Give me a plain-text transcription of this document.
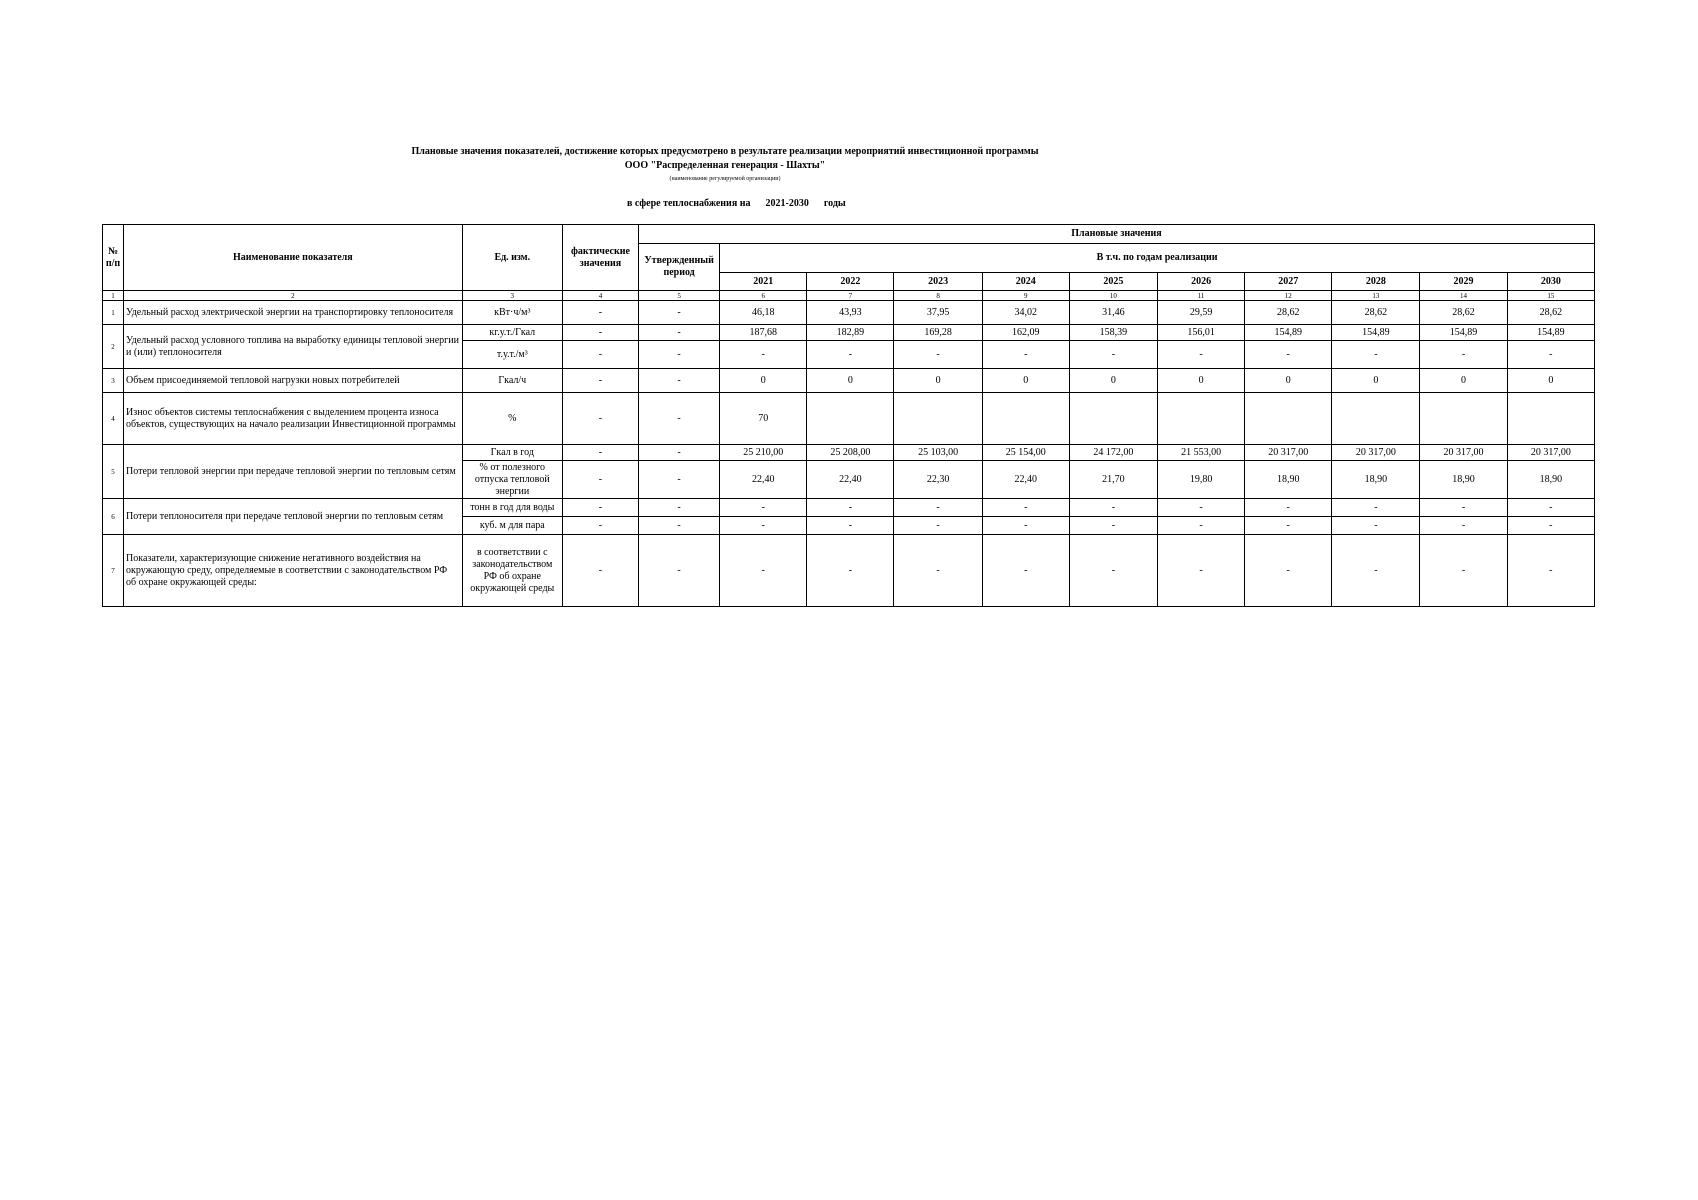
Плановые значения показателей, достижение которых предусмотрено в результате реализации мероприятий инвестиционной программы
ООО "Распределенная генерация - Шахты"
(наименование регулируемой организации)
в сфере теплоснабжения на      2021-2030      годы
№ п/п	Наименование показателя	Ед. изм.	фактические значения	Плановые значения										
				Утвержденный период	В т.ч. по годам реализации									
					2021	2022	2023	2024	2025	2026	2027	2028	2029	2030
1	2	3	4	5	6	7	8	9	10	11	12	13	14	15
1	Удельный расход электрической энергии на транспортировку теплоносителя	кВт·ч/м³	-	-	46,18	43,93	37,95	34,02	31,46	29,59	28,62	28,62	28,62	28,62
2	Удельный расход условного топлива на выработку единицы тепловой энергии и (или) теплоносителя	кг.у.т./Гкал	-	-	187,68	182,89	169,28	162,09	158,39	156,01	154,89	154,89	154,89	154,89
		т.у.т./м³	-	-	-	-	-	-	-	-	-	-	-	-
3	Объем присоединяемой тепловой нагрузки новых потребителей	Гкал/ч	-	-	0	0	0	0	0	0	0	0	0	0
4	Износ объектов системы теплоснабжения с выделением процента износа объектов, существующих на начало реализации Инвестиционной программы	%	-	-	70									
5	Потери тепловой энергии при передаче тепловой энергии по тепловым сетям	Гкал в год	-	-	25 210,00	25 208,00	25 103,00	25 154,00	24 172,00	21 553,00	20 317,00	20 317,00	20 317,00	20 317,00
		% от полезного отпуска тепловой энергии	-	-	22,40	22,40	22,30	22,40	21,70	19,80	18,90	18,90	18,90	18,90
6	Потери теплоносителя при передаче тепловой энергии по тепловым сетям	тонн в год для воды	-	-	-	-	-	-	-	-	-	-	-	-
		куб. м для пара	-	-	-	-	-	-	-	-	-	-	-	-
7	Показатели, характеризующие снижение негативного воздействия на окружающую среду, определяемые в соответствии с законодательством РФ об охране окружающей среды:	в соответствии с законодательством РФ об охране окружающей среды	-	-	-	-	-	-	-	-	-	-	-	-
